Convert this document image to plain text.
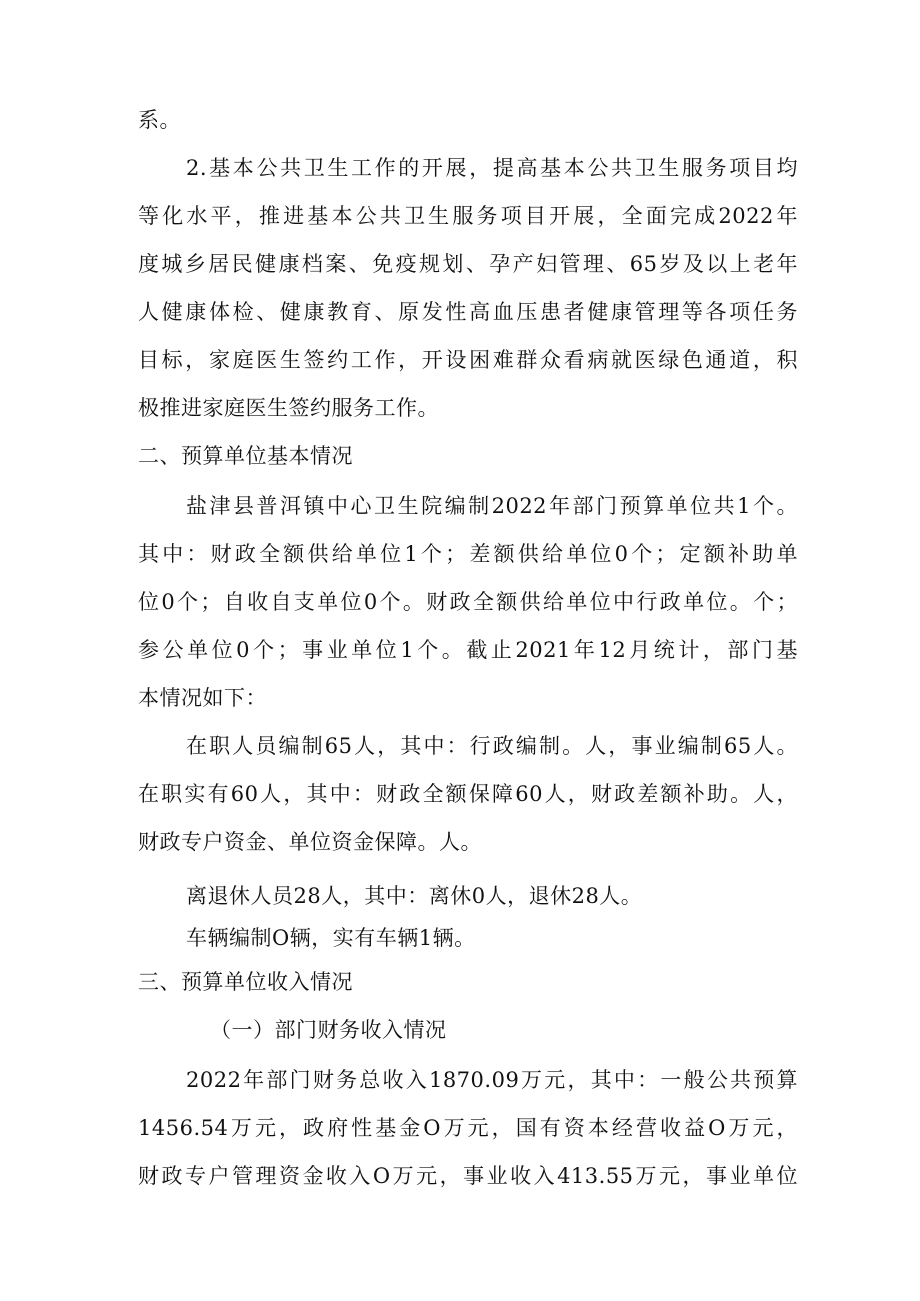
系。
2.基本公共卫生工作的开展，提高基本公共卫生服务项目均
等化水平，推进基本公共卫生服务项目开展，全面完成2022年
度城乡居民健康档案、免疫规划、孕产妇管理、65岁及以上老年
人健康体检、健康教育、原发性高血压患者健康管理等各项任务
目标，家庭医生签约工作，开设困难群众看病就医绿色通道，积
极推进家庭医生签约服务工作。
二、预算单位基本情况
盐津县普洱镇中心卫生院编制2022年部门预算单位共1个。
其中：财政全额供给单位1个；差额供给单位0个；定额补助单
位0个；自收自支单位0个。财政全额供给单位中行政单位。个；
参公单位0个；事业单位1个。截止2021年12月统计，部门基
本情况如下：
在职人员编制65人，其中：行政编制。人，事业编制65人。
在职实有60人，其中：财政全额保障60人，财政差额补助。人，
财政专户资金、单位资金保障。人。
离退休人员28人，其中：离休0人，退休28人。
车辆编制O辆，实有车辆1辆。
三、预算单位收入情况
（一）部门财务收入情况
2022年部门财务总收入1870.09万元，其中：一般公共预算
1456.54万元，政府性基金O万元，国有资本经营收益O万元，
财政专户管理资金收入O万元，事业收入413.55万元，事业单位
